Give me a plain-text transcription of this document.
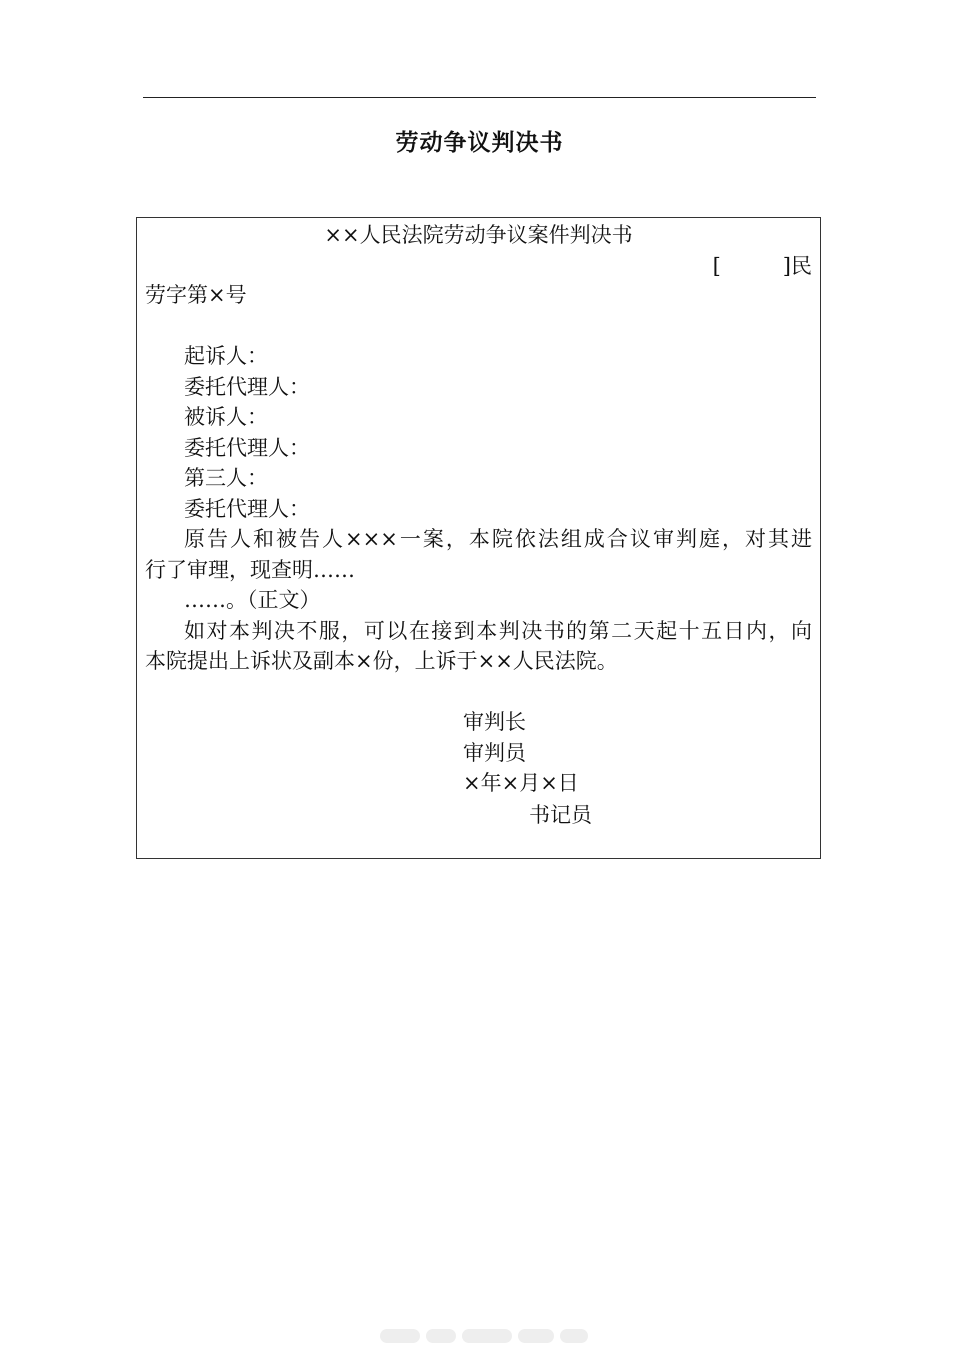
劳动争议判决书
××人民法院劳动争议案件判决书
[	]民
劳字第×号
起诉人：
委托代理人：
被诉人：
委托代理人：
第三人：
委托代理人：
原告人和被告人×××一案，本院依法组成合议审判庭，对其进
行了审理，现查明……
……。（正文）
如对本判决不服，可以在接到本判决书的第二天起十五日内，向
本院提出上诉状及副本×份，上诉于××人民法院。
审判长
审判员
×年×月×日
书记员
